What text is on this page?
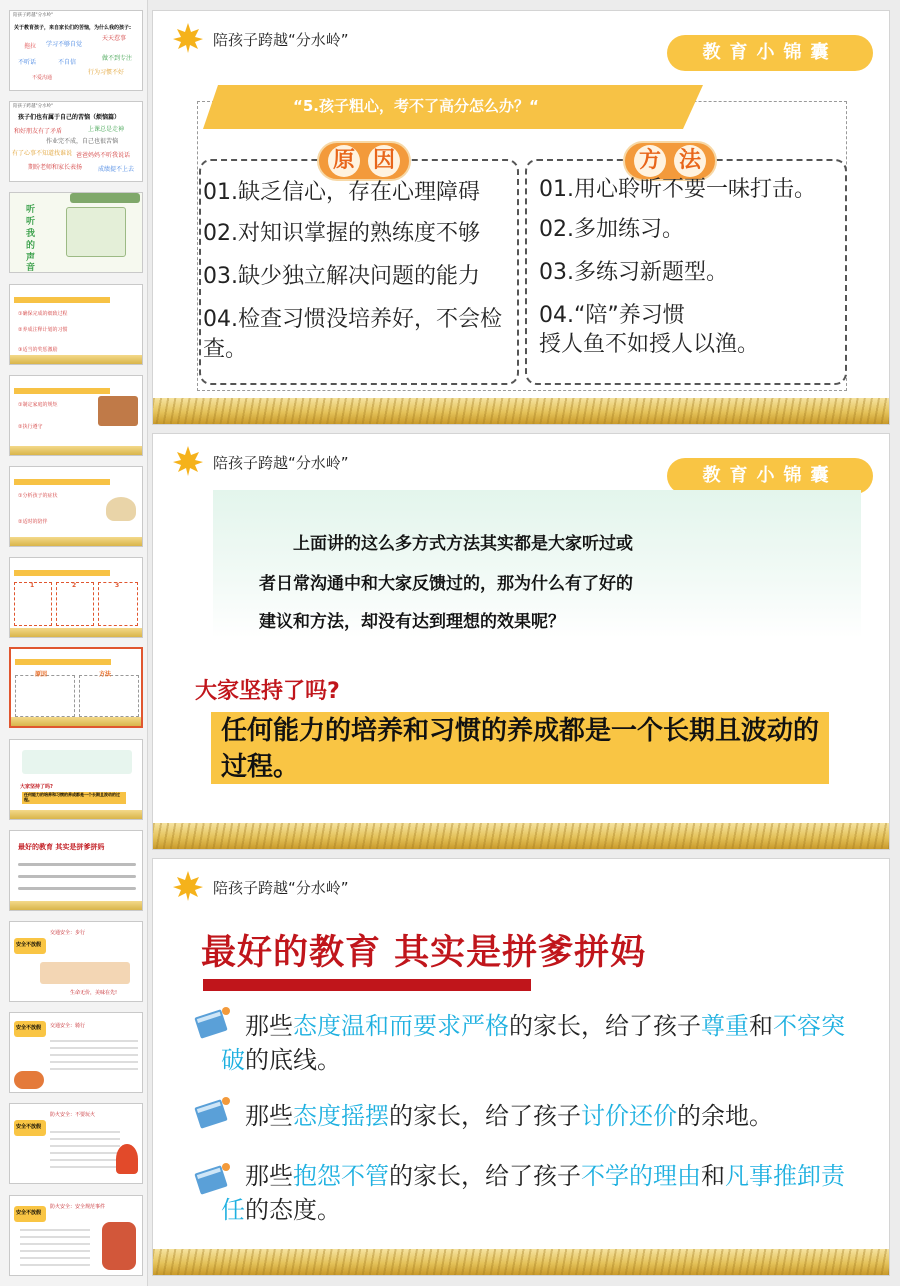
陪孩子跨越"分水岭"
关于教育孩子，来自家长们的苦恼，为什么我的孩子:
天天惹事
拖拉 学习不够自觉
不听话	不自信
做不到专注
行为习惯不好
不爱沟通
陪孩子跨越"分水岭"
孩子们也有属于自己的苦恼（烦恼篇）
和好朋友有了矛盾	上课总是走神
作业完不成，自己也很苦恼
有了心事不知道找谁说 爸爸妈妈不听我说话
期盼老师和家长表扬	成绩提不上去
听
听
我
的
声
音
①确保完成的细致过程
②养成注释计划的习惯
③适当的奖惩激励
①制定家庭的规矩
②执行遵守
①分析孩子的症状
②适时的陪伴
1	2	3
原因	方法
大家坚持了吗?
任何能力的培养和习惯的养成都是一个长期且波动的过程。
最好的教育 其实是拼爹拼妈
安全不放假
交通安全：步行
生命无价，美味在先!
安全不放假 交通安全：骑行
安全不放假
防火安全：不要玩火
安全不放假
防火安全：安全规范事件
陪孩子跨越“分水岭”
教育小锦囊
“5.孩子粗心，考不了高分怎么办？“
原 因	方 法
01.缺乏信心，存在心理障碍
02.对知识掌握的熟练度不够
03.缺少独立解决问题的能力
04.检查习惯没培养好，不会检查。
01.用心聆听不要一味打击。
02.多加练习。
03.多练习新题型。
04.“陪”养习惯
授人鱼不如授人以渔。
陪孩子跨越“分水岭”
教育小锦囊
上面讲的这么多方式方法其实都是大家听过或
者日常沟通中和大家反馈过的，那为什么有了好的
建议和方法，却没有达到理想的效果呢？
大家坚持了吗?
任何能力的培养和习惯的养成都是一个长期且波动的过程。
陪孩子跨越“分水岭”
最好的教育 其实是拼爹拼妈
那些态度温和而要求严格的家长，给了孩子尊重和不容突破的底线。
那些态度摇摆的家长，给了孩子讨价还价的余地。
那些抱怨不管的家长，给了孩子不学的理由和凡事推卸责任的态度。
